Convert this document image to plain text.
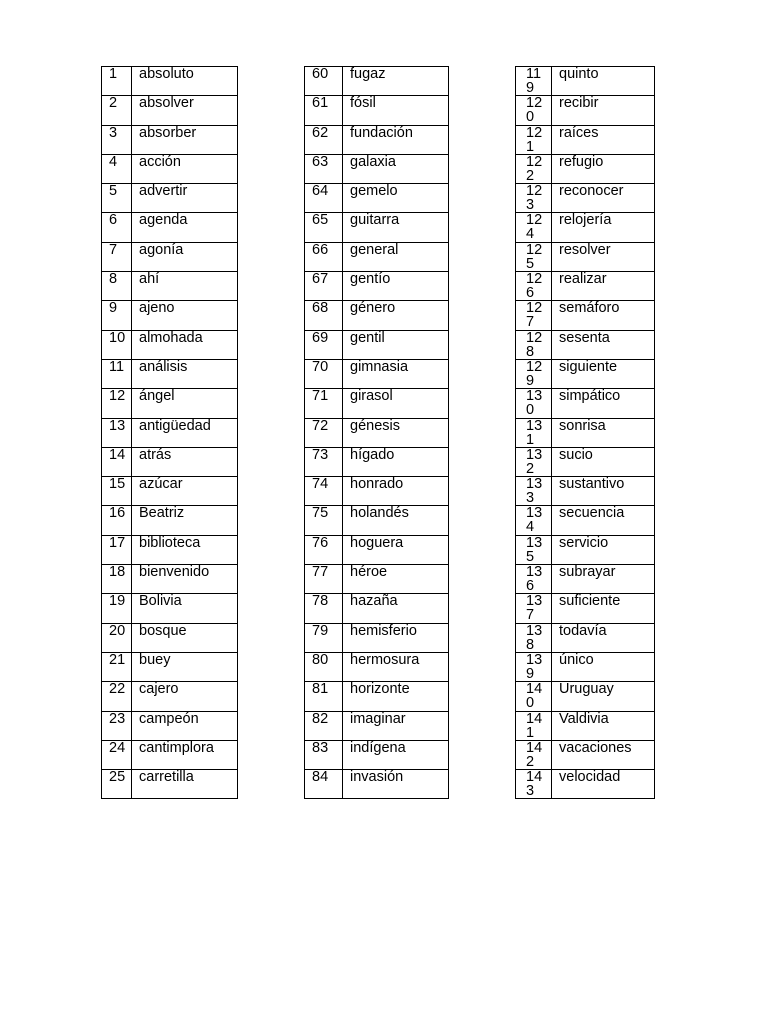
1	absoluto
2	absolver
3	absorber
4	acción
5	advertir
6	agenda
7	agonía
8	ahí
9	ajeno
10	almohada
11	análisis
12	ángel
13	antigüedad
14	atrás
15	azúcar
16	Beatriz
17	biblioteca
18	bienvenido
19	Bolivia
20	bosque
21	buey
22	cajero
23	campeón
24	cantimplora
25	carretilla
60	fugaz
61	fósil
62	fundación
63	galaxia
64	gemelo
65	guitarra
66	general
67	gentío
68	género
69	gentil
70	gimnasia
71	girasol
72	génesis
73	hígado
74	honrado
75	holandés
76	hoguera
77	héroe
78	hazaña
79	hemisferio
80	hermosura
81	horizonte
82	imaginar
83	indígena
84	invasión
119	quinto

120	recibir

121	raíces

122	refugio

123	reconocer

124	relojería

125	resolver

126	realizar

127	semáforo

128	sesenta

129	siguiente

130	simpático

131	sonrisa

132	sucio

133	sustantivo

134	secuencia

135	servicio

136	subrayar

137	suficiente

138	todavía

139	único

140	Uruguay

141	Valdivia

142	vacaciones

143	velocidad
